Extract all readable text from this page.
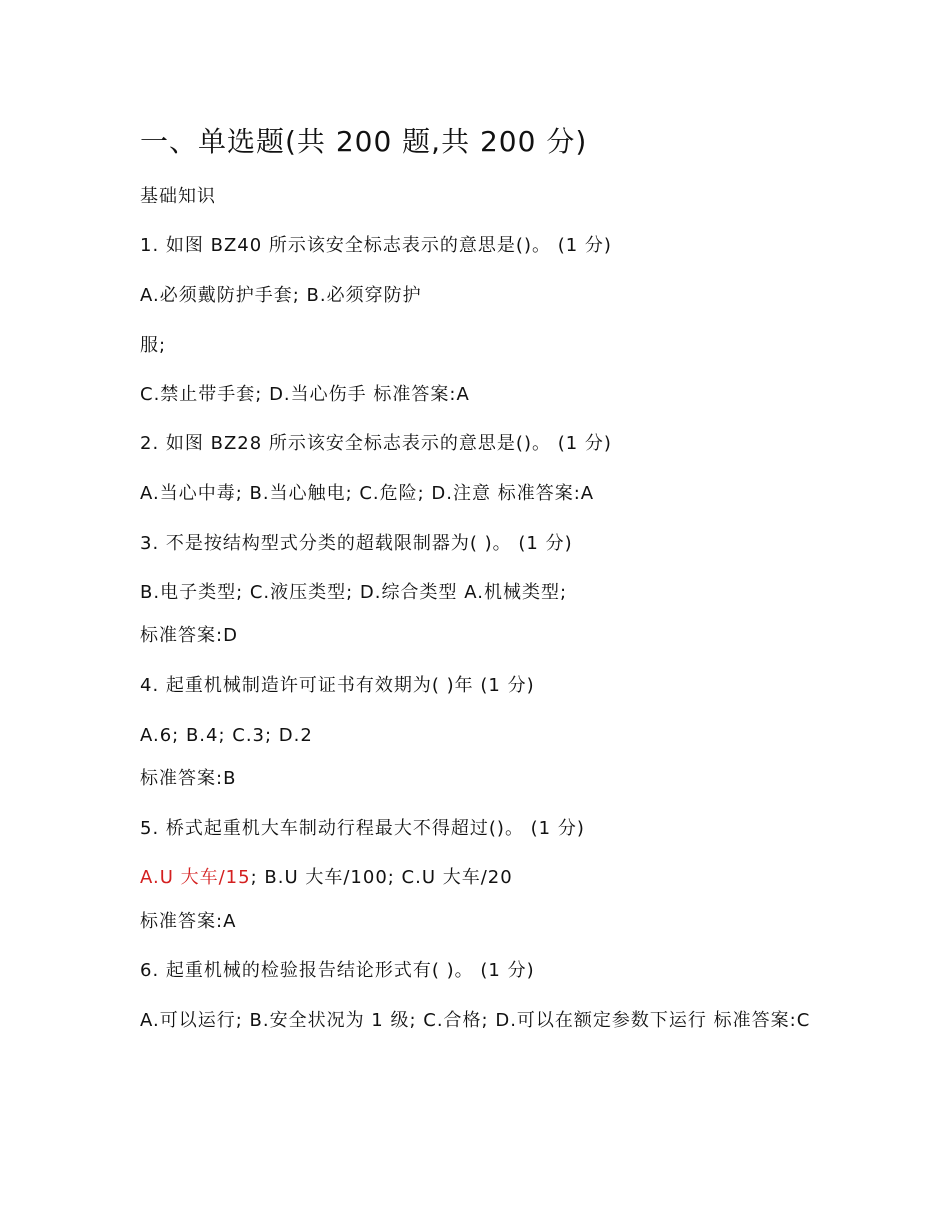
一、单选题(共 200 题,共 200 分)
基础知识
1. 如图 BZ40 所示该安全标志表示的意思是()。 (1 分)
A.必须戴防护手套; B.必须穿防护
服;
C.禁止带手套; D.当心伤手 标准答案:A
2. 如图 BZ28 所示该安全标志表示的意思是()。 (1 分)
A.当心中毒; B.当心触电; C.危险; D.注意 标准答案:A
3. 不是按结构型式分类的超载限制器为( )。 (1 分)
B.电子类型; C.液压类型; D.综合类型 A.机械类型;
标准答案:D
4. 起重机械制造许可证书有效期为( )年 (1 分)
A.6; B.4; C.3; D.2
标准答案:B
5. 桥式起重机大车制动行程最大不得超过()。 (1 分)
A.U 大车/15; B.U 大车/100; C.U 大车/20
标准答案:A
6. 起重机械的检验报告结论形式有( )。 (1 分)
A.可以运行; B.安全状况为 1 级; C.合格; D.可以在额定参数下运行 标准答案:C
